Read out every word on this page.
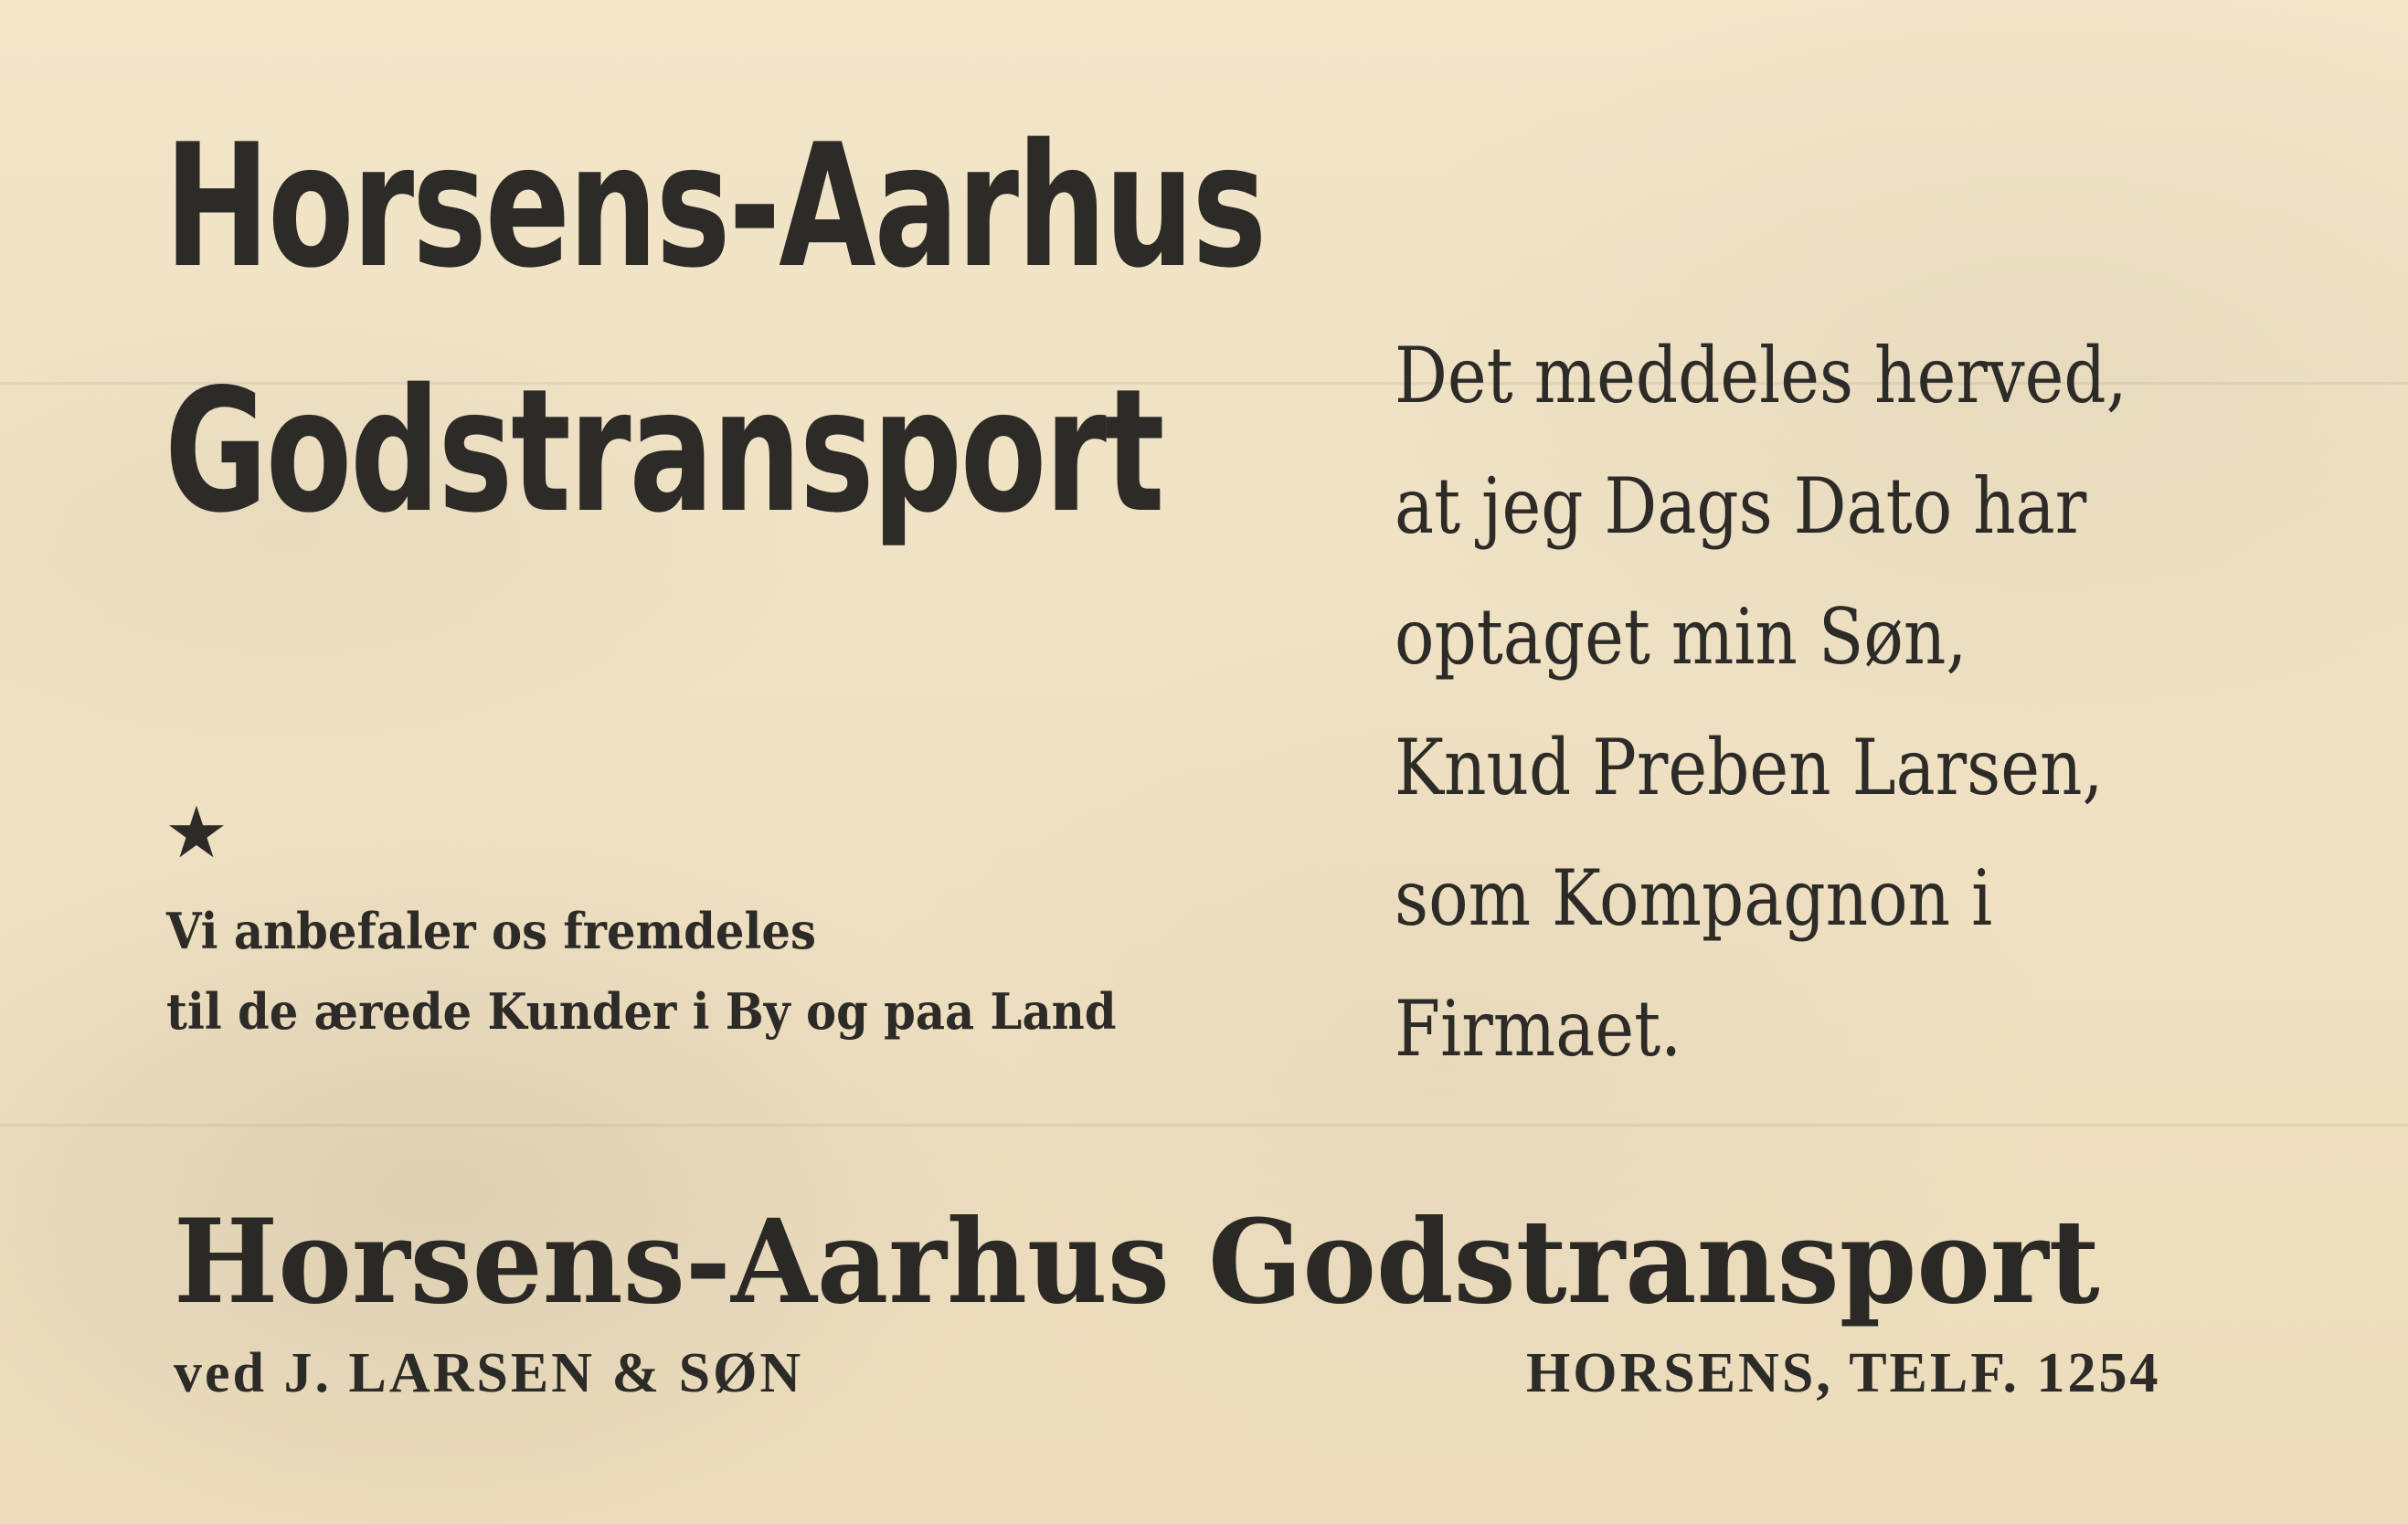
Horsens-Aarhus
Godstransport
★
Vi anbefaler os fremdeles
til de ærede Kunder i By og paa Land
Det meddeles herved,
at jeg Dags Dato har
optaget min Søn,
Knud Preben Larsen,
som Kompagnon i
Firmaet.
Horsens-Aarhus Godstransport
ved J. LARSEN & SØN	HORSENS, TELF. 1254
